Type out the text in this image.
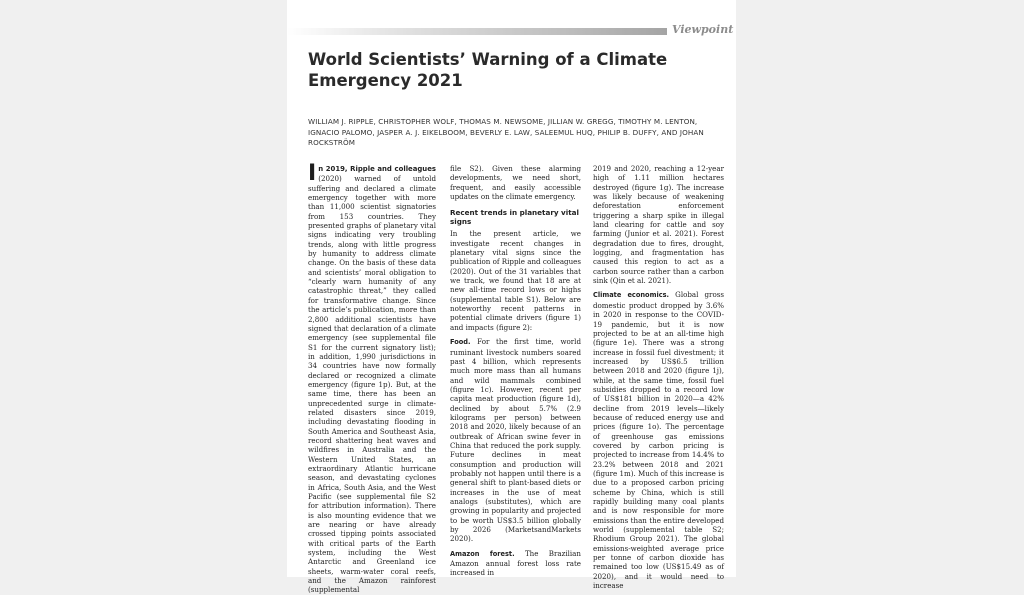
Viewpoint
World Scientists’ Warning of a Climate Emergency 2021
WILLIAM J. RIPPLE, CHRISTOPHER WOLF, THOMAS M. NEWSOME, JILLIAN W. GREGG, TIMOTHY M. LENTON, IGNACIO PALOMO, JASPER A. J. EIKELBOOM, BEVERLY E. LAW, SALEEMUL HUQ, PHILIP B. DUFFY, AND JOHAN ROCKSTRÖM

In 2019, Ripple and colleagues (2020) warned of untold suffering and declared a climate emergency together with more than 11,000 scientist signatories from 153 countries. They presented graphs of planetary vital signs indicating very troubling trends, along with little progress by humanity to address climate change. On the basis of these data and scientists’ moral obligation to “clearly warn humanity of any catastrophic threat,” they called for transformative change. Since the article’s publication, more than 2,800 additional scientists have signed that declaration of a climate emergency (see supplemental file S1 for the current signatory list); in addition, 1,990 jurisdictions in 34 countries have now formally declared or recognized a climate emergency (figure 1p). But, at the same time, there has been an unprecedented surge in climate-related disasters since 2019, including devastating flooding in South America and Southeast Asia, record shattering heat waves and wildfires in Australia and the Western United States, an extraordinary Atlantic hurricane season, and devastating cyclones in Africa, South Asia, and the West Pacific (see supplemental file S2 for attribution information). There is also mounting evidence that we are nearing or have already crossed tipping points associated with critical parts of the Earth system, including the West Antarctic and Greenland ice sheets, warm-water coral reefs, and the Amazon rainforest (supplemental

file S2). Given these alarming developments, we need short, frequent, and easily accessible updates on the climate emergency.

Recent trends in planetary vital signs

In the present article, we investigate recent changes in planetary vital signs since the publication of Ripple and colleagues (2020). Out of the 31 variables that we track, we found that 18 are at new all-time record lows or highs (supplemental table S1). Below are noteworthy recent patterns in potential climate drivers (figure 1) and impacts (figure 2):

Food. For the first time, world ruminant livestock numbers soared past 4 billion, which represents much more mass than all humans and wild mammals combined (figure 1c). However, recent per capita meat production (figure 1d), declined by about 5.7% (2.9 kilograms per person) between 2018 and 2020, likely because of an outbreak of African swine fever in China that reduced the pork supply. Future declines in meat consumption and production will probably not happen until there is a general shift to plant-based diets or increases in the use of meat analogs (substitutes), which are growing in popularity and projected to be worth US$3.5 billion globally by 2026 (MarketsandMarkets 2020).

Amazon forest. The Brazilian Amazon annual forest loss rate increased in

2019 and 2020, reaching a 12-year high of 1.11 million hectares destroyed (figure 1g). The increase was likely because of weakening deforestation enforcement triggering a sharp spike in illegal land clearing for cattle and soy farming (Junior et al. 2021). Forest degradation due to fires, drought, logging, and fragmentation has caused this region to act as a carbon source rather than a carbon sink (Qin et al. 2021).

Climate economics. Global gross domestic product dropped by 3.6% in 2020 in response to the COVID-19 pandemic, but it is now projected to be at an all-time high (figure 1e). There was a strong increase in fossil fuel divestment; it increased by US$6.5 trillion between 2018 and 2020 (figure 1j), while, at the same time, fossil fuel subsidies dropped to a record low of US$181 billion in 2020—a 42% decline from 2019 levels—likely because of reduced energy use and prices (figure 1o). The percentage of greenhouse gas emissions covered by carbon pricing is projected to increase from 14.4% to 23.2% between 2018 and 2021 (figure 1m). Much of this increase is due to a proposed carbon pricing scheme by China, which is still rapidly building many coal plants and is now responsible for more emissions than the entire developed world (supplemental table S2; Rhodium Group 2021). The global emissions-weighted average price per tonne of carbon dioxide has remained too low (US$15.49 as of 2020), and it would need to increase
